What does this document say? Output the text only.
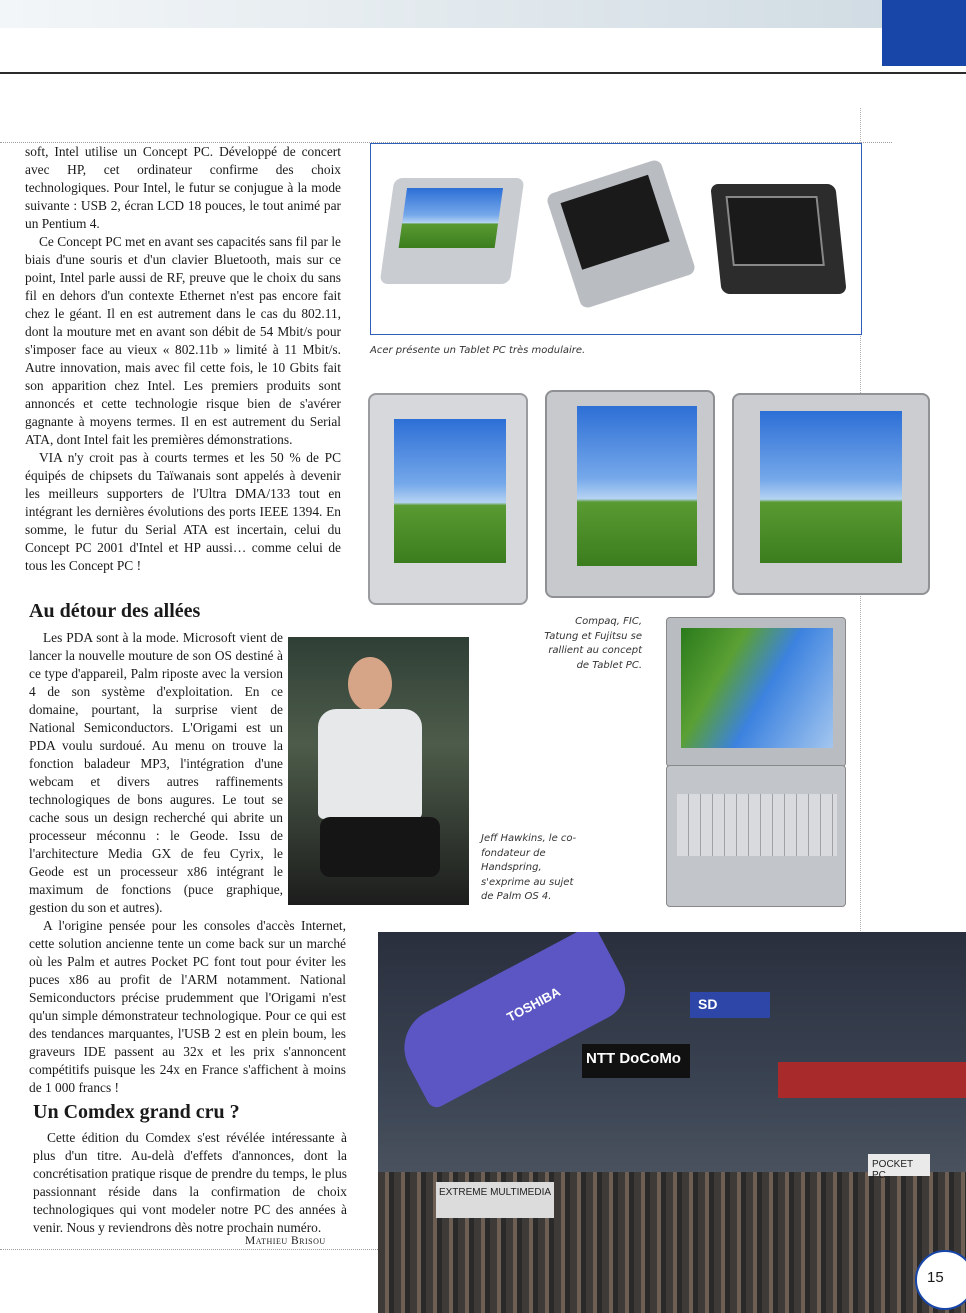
soft, Intel utilise un Concept PC. Développé de concert avec HP, cet ordinateur confirme des choix technologiques. Pour Intel, le futur se conjugue à la mode suivante : USB 2, écran LCD 18 pouces, le tout animé par un Pentium 4.

Ce Concept PC met en avant ses capacités sans fil par le biais d'une souris et d'un clavier Bluetooth, mais sur ce point, Intel parle aussi de RF, preuve que le choix du sans fil en dehors d'un contexte Ethernet n'est pas encore fait chez le géant. Il en est autrement dans le cas du 802.11, dont la mouture met en avant son débit de 54 Mbit/s pour s'imposer face au vieux « 802.11b » limité à 11 Mbit/s. Autre innovation, mais avec fil cette fois, le 10 Gbits fait son apparition chez Intel. Les premiers produits sont annoncés et cette technologie risque bien de s'avérer gagnante à moyens termes. Il en est autrement du Serial ATA, dont Intel fait les premières démonstrations.

VIA n'y croit pas à courts termes et les 50 % de PC équipés de chipsets du Taïwanais sont appelés à devenir les meilleurs supporters de l'Ultra DMA/133 tout en intégrant les dernières évolutions des ports IEEE 1394. En somme, le futur du Serial ATA est incertain, celui du Concept PC 2001 d'Intel et HP aussi… comme celui de tous les Concept PC !

Au détour des allées

Les PDA sont à la mode. Microsoft vient de lancer la nouvelle mouture de son OS destiné à ce type d'appareil, Palm riposte avec la version 4 de son système d'exploitation. En ce domaine, pourtant, la surprise vient de National Semiconductors. L'Origami est un PDA voulu surdoué. Au menu on trouve la fonction baladeur MP3, l'intégration d'une webcam et divers autres raffinements technologiques de bons augures. Le tout se cache sous un design recherché qui abrite un processeur méconnu : le Geode. Issu de l'architecture Media GX de feu Cyrix, le Geode est un processeur x86 intégrant le maximum de fonctions (puce graphique, gestion du son et autres).

A l'origine pensée pour les consoles d'accès Internet, cette solution ancienne tente un come back sur un marché où les Palm et autres Pocket PC font tout pour éviter les puces x86 au profit de l'ARM notamment. National Semiconductors précise prudemment que l'Origami n'est qu'un simple démonstrateur technologique. Pour ce qui est des tendances marquantes, l'USB 2 est en plein boum, les graveurs IDE passent au 32x et les prix s'annoncent compétitifs puisque les 24x en France s'affichent à moins de 1 000 francs !

Un Comdex grand cru ?

Cette édition du Comdex s'est révélée intéressante à plus d'un titre. Au-delà d'effets d'annonces, dont la concrétisation pratique risque de prendre du temps, le plus passionnant réside dans la confirmation de choix technologiques qui vont modeler notre PC des années à venir. Nous y reviendrons dès notre prochain numéro.

Mathieu Brisou
Acer présente un Tablet PC très modulaire.
Compaq, FIC, Tatung et Fujitsu se rallient au concept de Tablet PC.
Jeff Hawkins, le co-fondateur de Handspring, s'exprime au sujet de Palm OS 4.
TOSHIBA
NTT DoCoMo
SD
EXTREME MULTIMEDIA
POCKET PC
15
